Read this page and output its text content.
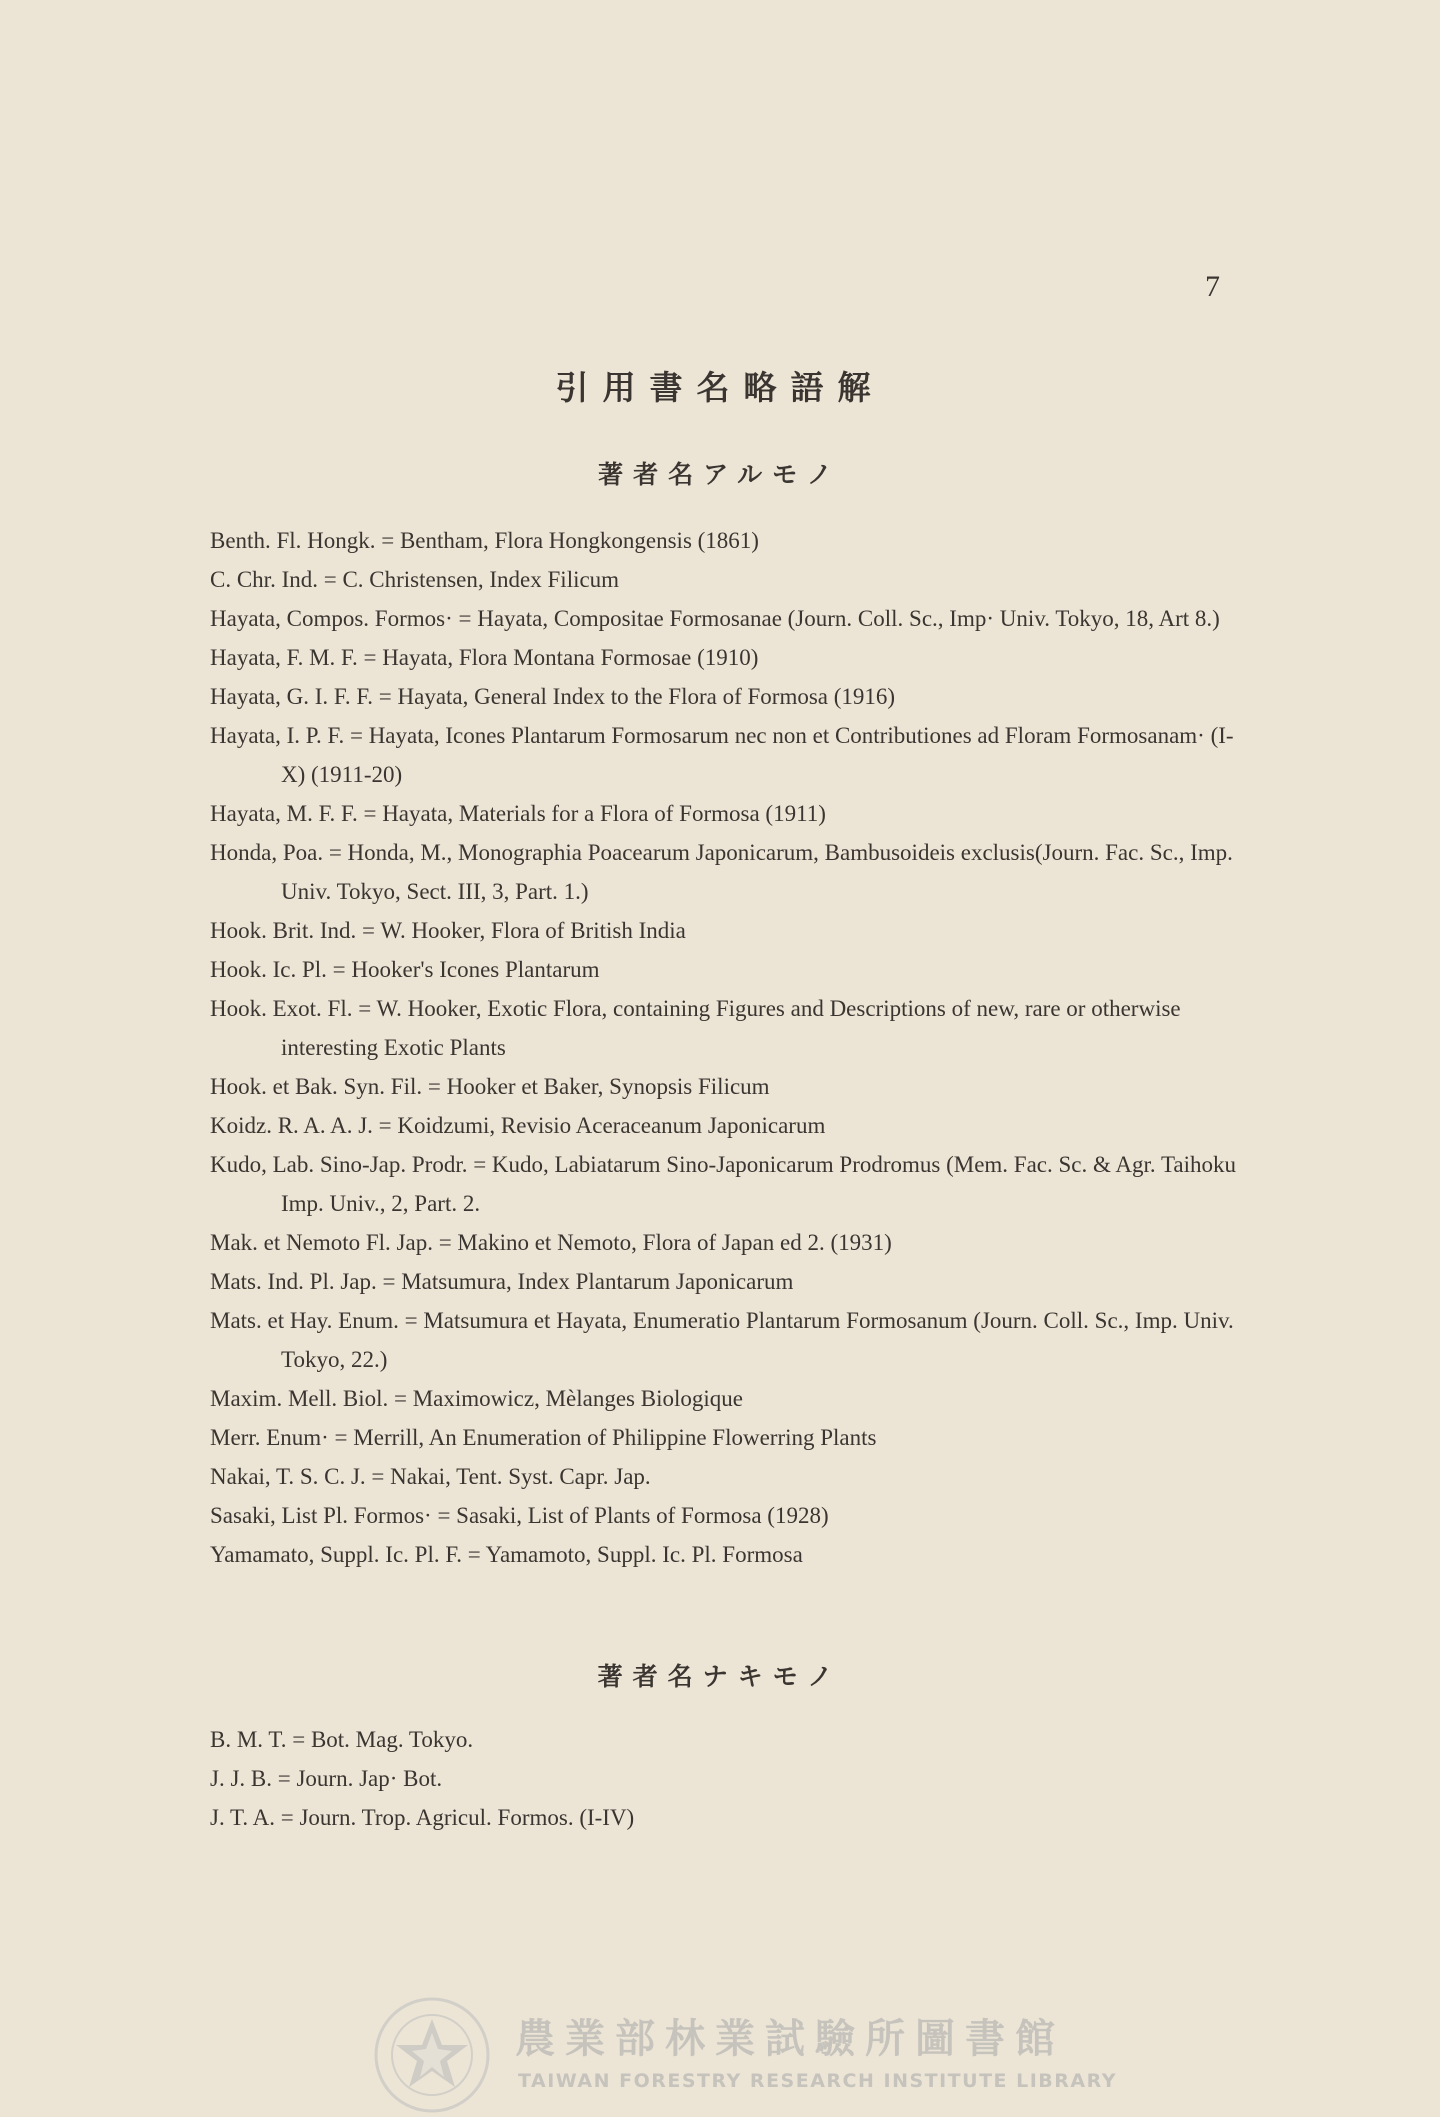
7
引用書名略語解
著者名アルモノ
Benth. Fl. Hongk. = Bentham, Flora Hongkongensis (1861)
C. Chr. Ind. = C. Christensen, Index Filicum
Hayata, Compos. Formos· = Hayata, Compositae Formosanae (Journ. Coll. Sc., Imp· Univ. Tokyo, 18, Art 8.)
Hayata, F. M. F. = Hayata, Flora Montana Formosae (1910)
Hayata, G. I. F. F. = Hayata, General Index to the Flora of Formosa (1916)
Hayata, I. P. F. = Hayata, Icones Plantarum Formosarum nec non et Contributiones ad Floram Formosanam· (I-X) (1911-20)
Hayata, M. F. F. = Hayata, Materials for a Flora of Formosa (1911)
Honda, Poa. = Honda, M., Monographia Poacearum Japonicarum, Bambusoideis exclusis(Journ. Fac. Sc., Imp. Univ. Tokyo, Sect. III, 3, Part. 1.)
Hook. Brit. Ind. = W. Hooker, Flora of British India
Hook. Ic. Pl. = Hooker's Icones Plantarum
Hook. Exot. Fl. = W. Hooker, Exotic Flora, containing Figures and Descriptions of new, rare or otherwise interesting Exotic Plants
Hook. et Bak. Syn. Fil. = Hooker et Baker, Synopsis Filicum
Koidz. R. A. A. J. = Koidzumi, Revisio Aceraceanum Japonicarum
Kudo, Lab. Sino-Jap. Prodr. = Kudo, Labiatarum Sino-Japonicarum Prodromus (Mem. Fac. Sc. & Agr. Taihoku Imp. Univ., 2, Part. 2.
Mak. et Nemoto Fl. Jap. = Makino et Nemoto, Flora of Japan ed 2. (1931)
Mats. Ind. Pl. Jap. = Matsumura, Index Plantarum Japonicarum
Mats. et Hay. Enum. = Matsumura et Hayata, Enumeratio Plantarum Formosanum (Journ. Coll. Sc., Imp. Univ. Tokyo, 22.)
Maxim. Mell. Biol. = Maximowicz, Mèlanges Biologique
Merr. Enum· = Merrill, An Enumeration of Philippine Flowerring Plants
Nakai, T. S. C. J. = Nakai, Tent. Syst. Capr. Jap.
Sasaki, List Pl. Formos· = Sasaki, List of Plants of Formosa (1928)
Yamamato, Suppl. Ic. Pl. F. = Yamamoto, Suppl. Ic. Pl. Formosa
著者名ナキモノ
B. M. T. = Bot. Mag. Tokyo.
J. J. B. = Journ. Jap· Bot.
J. T. A. = Journ. Trop. Agricul. Formos. (I-IV)
農業部林業試驗所圖書館
TAIWAN FORESTRY RESEARCH INSTITUTE LIBRARY
